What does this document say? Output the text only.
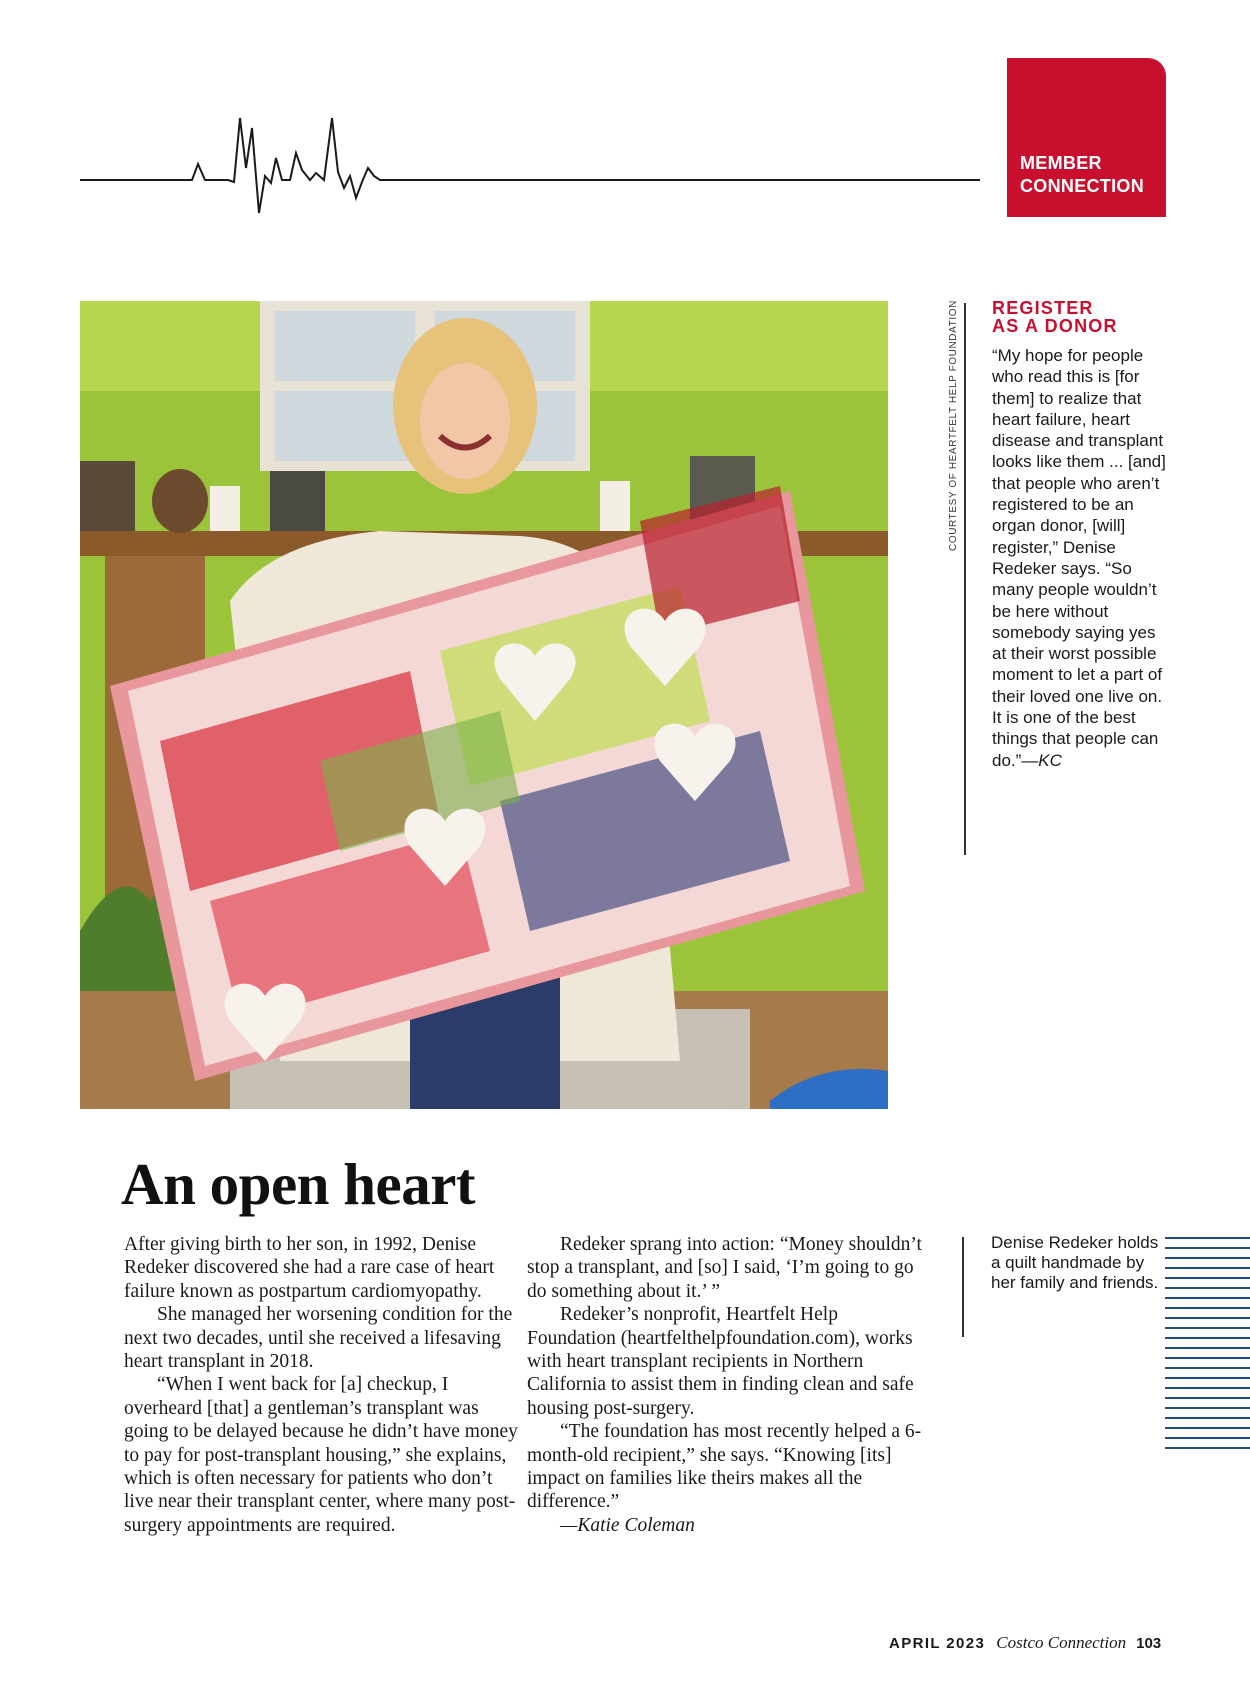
MEMBER
CONNECTION
COURTESY OF HEARTFELT HELP FOUNDATION REGISTER
AS A DONOR

“My hope for people who read this is [for them] to realize that heart failure, heart disease and transplant looks like them ... [and] that people who aren’t registered to be an organ donor, [will] register,” Denise Redeker says. “So many people wouldn’t be here without somebody saying yes at their worst possible moment to let a part of their loved one live on. It is one of the best things that people can do.”—KC

An open heart

After giving birth to her son, in 1992, Denise Redeker discovered she had a rare case of heart failure known as postpartum cardiomyopathy.

She managed her worsening condition for the next two decades, until she received a lifesaving heart transplant in 2018.

“When I went back for [a] checkup, I overheard [that] a gentleman’s transplant was going to be delayed because he didn’t have money to pay for post-transplant housing,” she explains, which is often necessary for patients who don’t live near their transplant center, where many post-surgery appointments are required.

Redeker sprang into action: “Money shouldn’t stop a transplant, and [so] I said, ‘I’m going to go do something about it.’ ”

Redeker’s nonprofit, Heartfelt Help Foundation (heartfelthelpfoundation.com), works with heart transplant recipients in Northern California to assist them in finding clean and safe housing post-surgery.

“The foundation has most recently helped a 6-month-old recipient,” she says. “Knowing [its] impact on families like theirs makes all the difference.”

—Katie Coleman

Denise Redeker holds a quilt handmade by her family and friends.

APRIL 2023 Costco Connection 103
